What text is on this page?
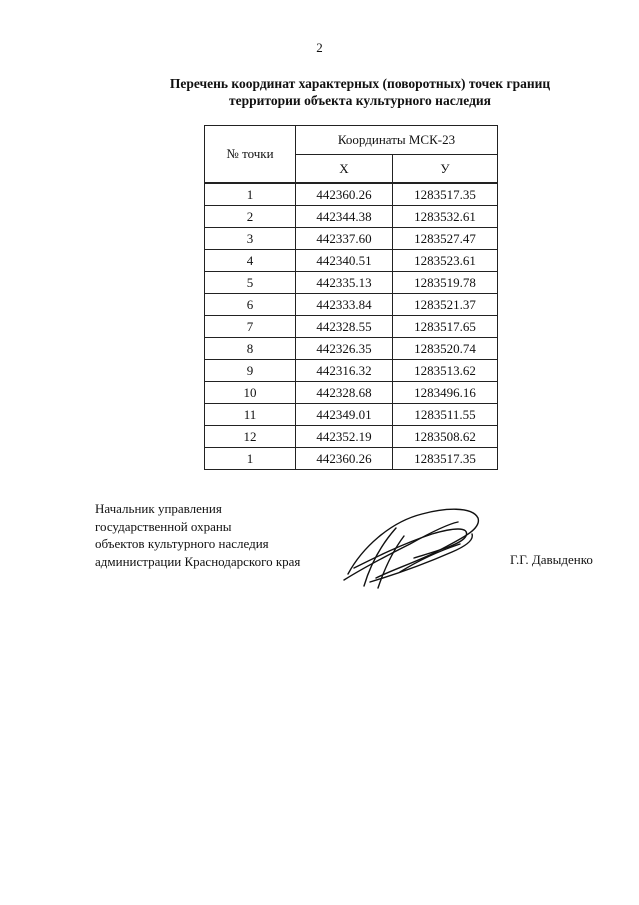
2
Перечень координат характерных (поворотных) точек границ
территории объекта культурного наследия
№ точки	Координаты МСК-23	
	Х	У
1	442360.26	1283517.35
2	442344.38	1283532.61
3	442337.60	1283527.47
4	442340.51	1283523.61
5	442335.13	1283519.78
6	442333.84	1283521.37
7	442328.55	1283517.65
8	442326.35	1283520.74
9	442316.32	1283513.62
10	442328.68	1283496.16
11	442349.01	1283511.55
12	442352.19	1283508.62
1	442360.26	1283517.35
Начальник управления
государственной охраны
объектов культурного наследия
администрации Краснодарского края	Г.Г. Давыденко
